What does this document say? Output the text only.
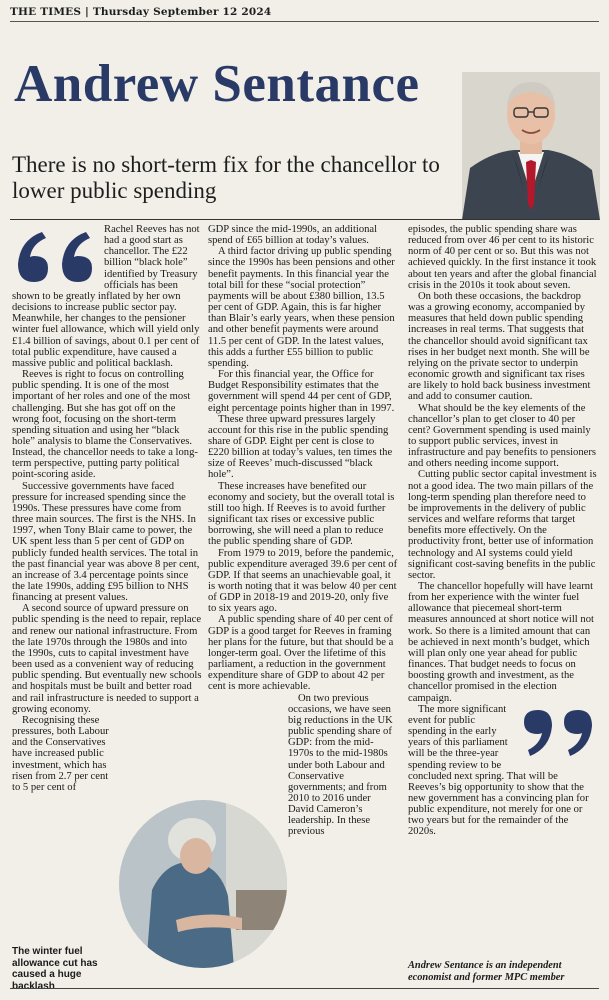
THE TIMES | Thursday September 12 2024
Andrew Sentance
There is no short-term fix for the chancellor to lower public spending

Rachel Reeves has not had a good start as chancellor. The £22 billion “black hole” identified by Treasury officials has been shown to be greatly inflated by her own decisions to increase public sector pay. Meanwhile, her changes to the pensioner winter fuel allowance, which will yield only £1.4 billion of savings, about 0.1 per cent of total public expenditure, have caused a massive public and political backlash.

Reeves is right to focus on controlling public spending. It is one of the most important of her roles and one of the most challenging. But she has got off on the wrong foot, focusing on the short-term spending situation and using her “black hole” analysis to blame the Conservatives. Instead, the chancellor needs to take a long-term perspective, putting party political point-scoring aside.

Successive governments have faced pressure for increased spending since the 1990s. These pressures have come from three main sources. The first is the NHS. In 1997, when Tony Blair came to power, the UK spent less than 5 per cent of GDP on publicly funded health services. The total in the past financial year was above 8 per cent, an increase of 3.4 percentage points since the late 1990s, adding £95 billion to NHS financing at present values.

A second source of upward pressure on public spending is the need to repair, replace and renew our national infrastructure. From the late 1970s through the 1980s and into the 1990s, cuts to capital investment have been used as a convenient way of reducing public spending. But eventually new schools and hospitals must be built and better road and rail infrastructure is needed to support a growing economy.

Recognising these pressures, both Labour and the Conservatives have increased public investment, which has risen from 2.7 per cent to 5 per cent of

The winter fuel allowance cut has caused a huge backlash

GDP since the mid-1990s, an additional spend of £65 billion at today’s values.

A third factor driving up public spending since the 1990s has been pensions and other benefit payments. In this financial year the total bill for these “social protection” payments will be about £380 billion, 13.5 per cent of GDP. Again, this is far higher than Blair’s early years, when these pension and other benefit payments were around 11.5 per cent of GDP. In the latest values, this adds a further £55 billion to public spending.

For this financial year, the Office for Budget Responsibility estimates that the government will spend 44 per cent of GDP, eight percentage points higher than in 1997.

These three upward pressures largely account for this rise in the public spending share of GDP. Eight per cent is close to £220 billion at today’s values, ten times the size of Reeves’ much-discussed “black hole”.

These increases have benefited our economy and society, but the overall total is still too high. If Reeves is to avoid further significant tax rises or excessive public borrowing, she will need a plan to reduce the public spending share of GDP.

From 1979 to 2019, before the pandemic, public expenditure averaged 39.6 per cent of GDP. If that seems an unachievable goal, it is worth noting that it was below 40 per cent of GDP in 2018-19 and 2019-20, only five to six years ago.

A public spending share of 40 per cent of GDP is a good target for Reeves in framing her plans for the future, but that should be a longer-term goal. Over the lifetime of this parliament, a reduction in the government expenditure share of GDP to about 42 per cent is more achievable.

On two previous occasions, we have seen big reductions in the UK public spending share of GDP: from the mid-1970s to the mid-1980s under both Labour and Conservative governments; and from 2010 to 2016 under David Cameron’s leadership. In these previous

episodes, the public spending share was reduced from over 46 per cent to its historic norm of 40 per cent or so. But this was not achieved quickly. In the first instance it took about ten years and after the global financial crisis in the 2010s it took about seven.

On both these occasions, the backdrop was a growing economy, accompanied by measures that held down public spending increases in real terms. That suggests that the chancellor should avoid significant tax rises in her budget next month. She will be relying on the private sector to underpin economic growth and significant tax rises are likely to hold back business investment and add to consumer caution.

What should be the key elements of the chancellor’s plan to get closer to 40 per cent? Government spending is used mainly to support public services, invest in infrastructure and pay benefits to pensioners and others needing income support.

Cutting public sector capital investment is not a good idea. The two main pillars of the long-term spending plan therefore need to be improvements in the delivery of public services and welfare reforms that target benefits more effectively. On the productivity front, better use of information technology and AI systems could yield significant cost-saving benefits in the public sector.

The chancellor hopefully will have learnt from her experience with the winter fuel allowance that piecemeal short-term measures announced at short notice will not work. So there is a limited amount that can be achieved in next month’s budget, which will plan only one year ahead for public finances. That budget needs to focus on boosting growth and investment, as the chancellor promised in the election campaign.

The more significant event for public spending in the early years of this parliament will be the three-year spending review to be concluded next spring. That will be Reeves’s big opportunity to show that the new government has a convincing plan for public expenditure, not merely for one or two years but for the remainder of the 2020s.

Andrew Sentance is an independent economist and former MPC member
